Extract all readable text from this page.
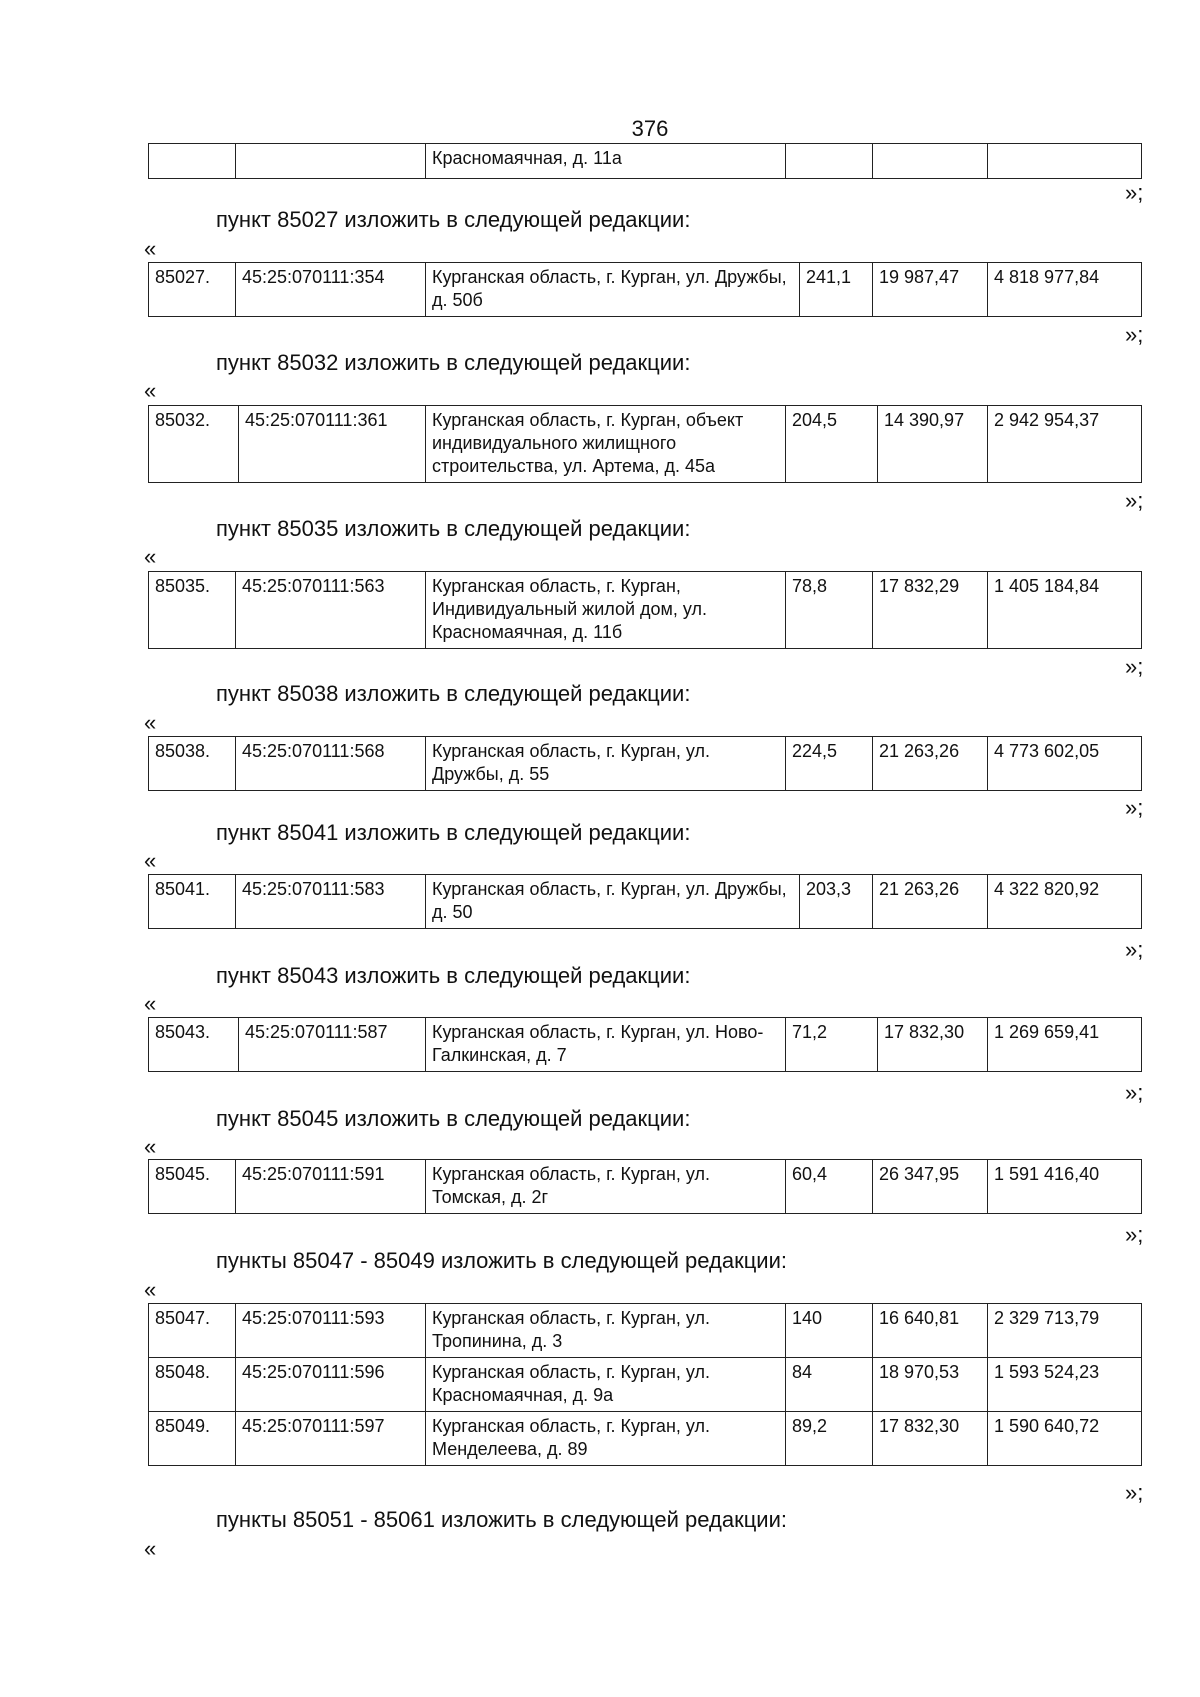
376
		Красномаячная, д. 11а			
»;
пункт 85027 изложить в следующей редакции:
«
85027.	45:25:070111:354	Курганская область, г. Курган, ул. Дружбы, д. 50б	241,1	19 987,47	4 818 977,84
»;
пункт 85032 изложить в следующей редакции:
«
85032.	45:25:070111:361	Курганская область, г. Курган, объект индивидуального жилищного строительства, ул. Артема, д. 45а	204,5	14 390,97	2 942 954,37
»;
пункт 85035 изложить в следующей редакции:
«
85035.	45:25:070111:563	Курганская область, г. Курган, Индивидуальный жилой дом, ул. Красномаячная, д. 11б	78,8	17 832,29	1 405 184,84
»;
пункт 85038 изложить в следующей редакции:
«
85038.	45:25:070111:568	Курганская область, г. Курган, ул. Дружбы, д. 55	224,5	21 263,26	4 773 602,05
»;
пункт 85041 изложить в следующей редакции:
«
85041.	45:25:070111:583	Курганская область, г. Курган, ул. Дружбы, д. 50	203,3	21 263,26	4 322 820,92
»;
пункт 85043 изложить в следующей редакции:
«
85043.	45:25:070111:587	Курганская область, г. Курган, ул. Ново-Галкинская, д. 7	71,2	17 832,30	1 269 659,41
»;
пункт 85045 изложить в следующей редакции:
«
85045.	45:25:070111:591	Курганская область, г. Курган, ул. Томская, д. 2г	60,4	26 347,95	1 591 416,40
»;
пункты 85047 - 85049 изложить в следующей редакции:
«
85047.	45:25:070111:593	Курганская область, г. Курган, ул. Тропинина, д. 3	140	16 640,81	2 329 713,79
85048.	45:25:070111:596	Курганская область, г. Курган, ул. Красномаячная, д. 9а	84	18 970,53	1 593 524,23
85049.	45:25:070111:597	Курганская область, г. Курган, ул. Менделеева, д. 89	89,2	17 832,30	1 590 640,72
»;
пункты 85051 - 85061 изложить в следующей редакции:
«
